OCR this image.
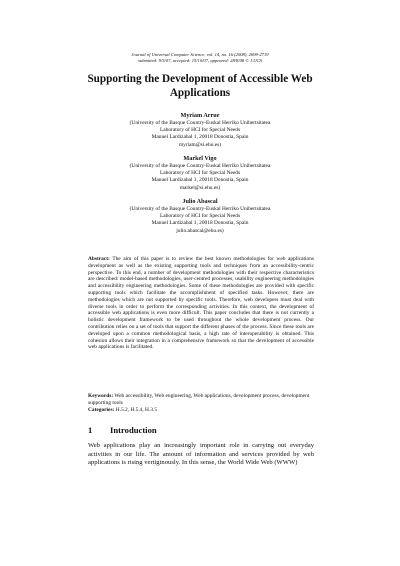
Journal of Universal Computer Science, vol. 14, no. 16 (2008), 2699-2719
submitted: 9/5/07, accepted: 15/10/07, appeared: 28/8/08 © J.UCS
Supporting the Development of Accessible Web
Applications
Myriam Arrue
(University of the Basque Country-Euskal Herriko Unibertsitatea
Laboratory of HCI for Special Needs
Manuel Lardizabal 1, 20018 Donostia, Spain
myriam@si.ehu.es)
Markel Vigo
(University of the Basque Country-Euskal Herriko Unibertsitatea
Laboratory of HCI for Special Needs
Manuel Lardizabal 1, 20018 Donostia, Spain
markel@si.ehu.es)
Julio Abascal
(University of the Basque Country-Euskal Herriko Unibertsitatea
Laboratory of HCI for Special Needs
Manuel Lardizabal 1, 20018 Donostia, Spain
julio.abascal@ehu.es)
Abstract: The aim of this paper is to review the best known methodologies for web applications development as well as the existing supporting tools and techniques from an accessibility-centric perspective. To this end, a number of development methodologies with their respective characteristics are described: model-based methodologies, user-centred processes, usability engineering methodologies and accessibility engineering methodologies. Some of these methodologies are provided with specific supporting tools which facilitate the accomplishment of specified tasks. However, there are methodologies which are not supported by specific tools. Therefore, web developers must deal with diverse tools in order to perform the corresponding activities. In this context, the development of accessible web applications is even more difficult. This paper concludes that there is not currently a holistic development framework to be used throughout the whole development process. Our contribution relies on a set of tools that support the different phases of the process. Since these tools are developed upon a common methodological basis, a high rate of interoperability is obtained. This cohesion allows their integration in a comprehensive framework so that the development of accessible web applications is facilitated.
Keywords: Web accessibility, Web engineering, Web applications, development process, development supporting tools
Categories: H.5.2, H.5.4, H.3.5
1 Introduction
Web applications play an increasingly important role in carrying out everyday activities in our life. The amount of information and services provided by web applications is rising vertiginously. In this sense, the World Wide Web (WWW)
